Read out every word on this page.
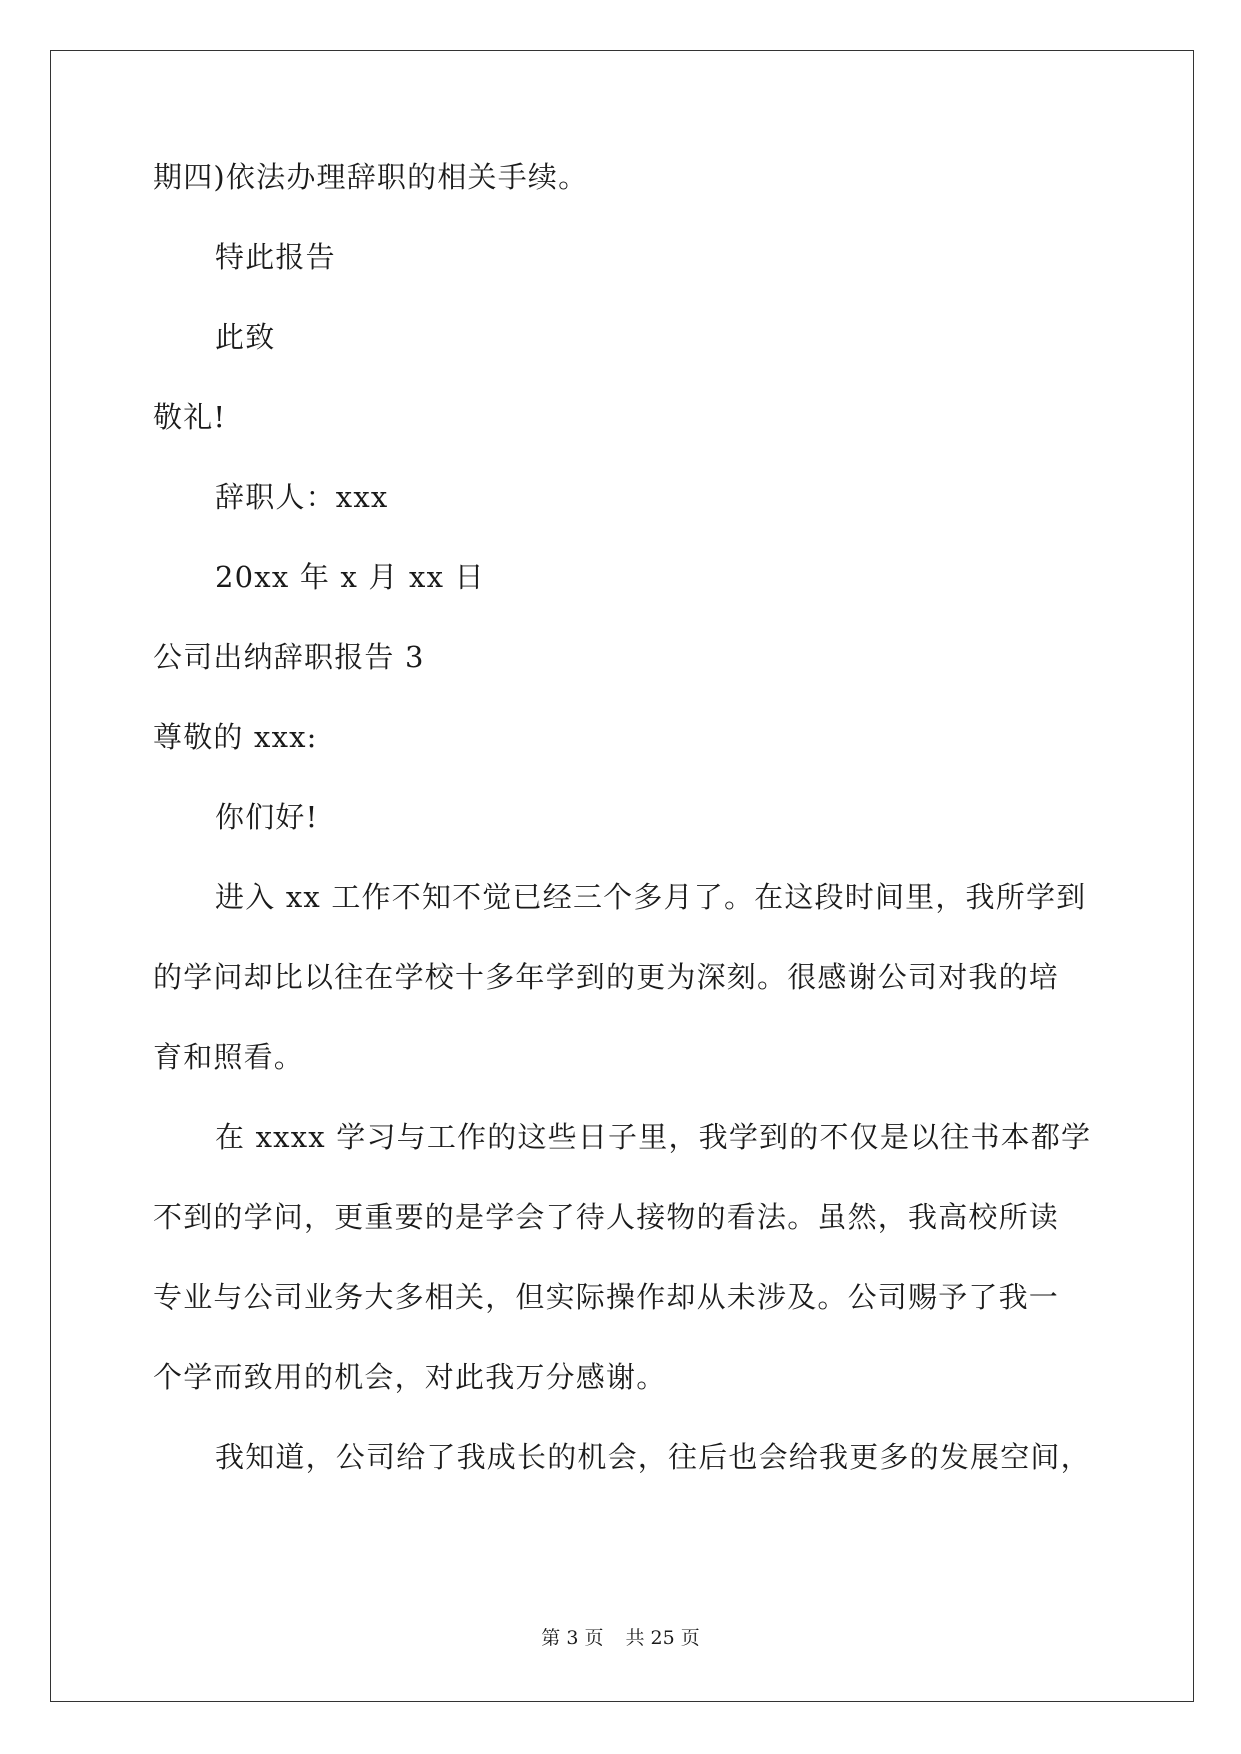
期四)依法办理辞职的相关手续。
特此报告
此致
敬礼!
辞职人：xxx
20xx 年 x 月 xx 日
公司出纳辞职报告 3
尊敬的 xxx:
你们好!
进入 xx 工作不知不觉已经三个多月了。在这段时间里，我所学到
的学问却比以往在学校十多年学到的更为深刻。很感谢公司对我的培
育和照看。
在 xxxx 学习与工作的这些日子里，我学到的不仅是以往书本都学
不到的学问，更重要的是学会了待人接物的看法。虽然，我高校所读
专业与公司业务大多相关，但实际操作却从未涉及。公司赐予了我一
个学而致用的机会，对此我万分感谢。
我知道，公司给了我成长的机会，往后也会给我更多的发展空间，
第 3 页 共 25 页
